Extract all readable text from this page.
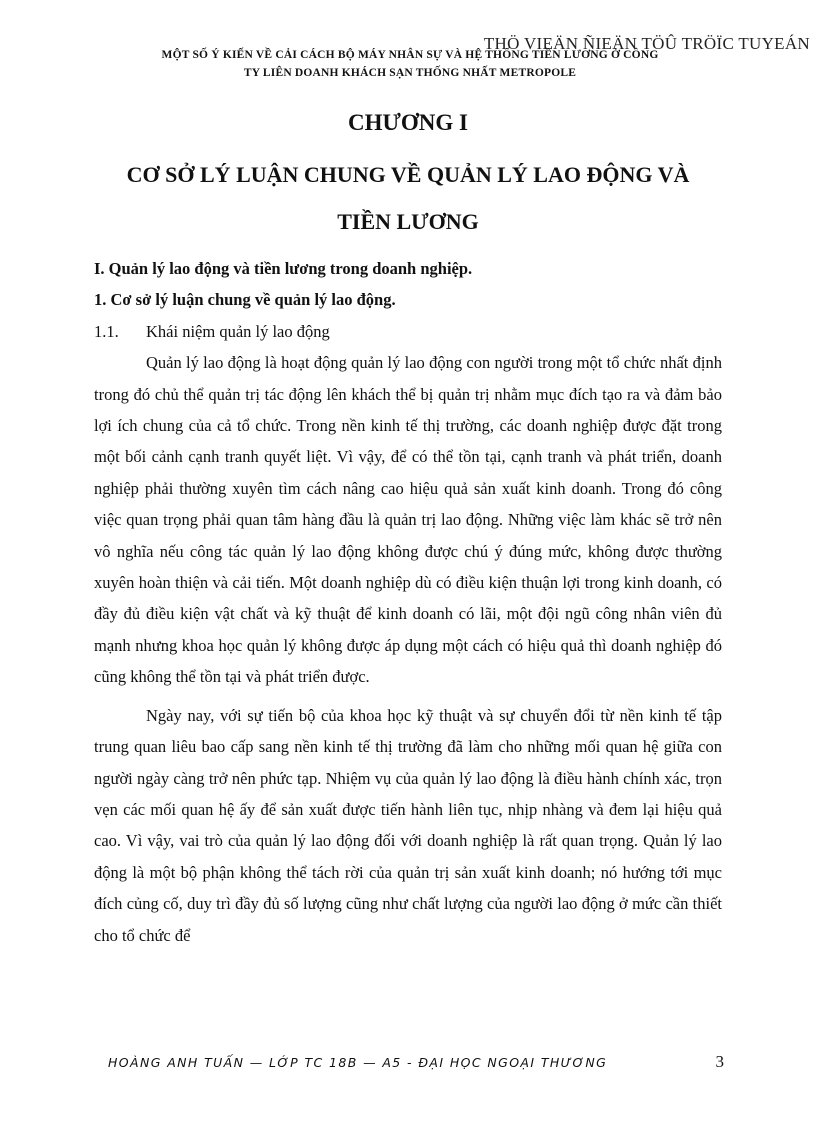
THÖ VIEÄN ÑIEÄN TÖÛ TRÖÏC TUYEÁN
MỘT SỐ Ý KIẾN VỀ CẢI CÁCH BỘ MÁY NHÂN SỰ VÀ HỆ THỐNG TIỀN LƯƠNG Ở CÔNG
TY LIÊN DOANH KHÁCH SẠN THỐNG NHẤT METROPOLE
CHƯƠNG I
CƠ SỞ LÝ LUẬN CHUNG VỀ QUẢN LÝ LAO ĐỘNG VÀ
TIỀN LƯƠNG
I. Quản lý lao động và tiền lương trong doanh nghiệp.
1. Cơ sở lý luận chung về quản lý lao động.
1.1.	Khái niệm quản lý lao động
Quản lý lao động là hoạt động quản lý lao động con người trong một tổ chức nhất định trong đó chủ thể quản trị tác động lên khách thể bị quản trị nhằm mục đích tạo ra và đảm bảo lợi ích chung của cả tổ chức. Trong nền kinh tế thị trường, các doanh nghiệp được đặt trong một bối cảnh cạnh tranh quyết liệt. Vì vậy, để có thể tồn tại, cạnh tranh và phát triển, doanh nghiệp phải thường xuyên tìm cách nâng cao hiệu quả sản xuất kinh doanh. Trong đó công việc quan trọng phải quan tâm hàng đầu là quản trị lao động. Những việc làm khác sẽ trở nên vô nghĩa nếu công tác quản lý lao động không được chú ý đúng mức, không được thường xuyên hoàn thiện và cải tiến. Một doanh nghiệp dù có điều kiện thuận lợi trong kinh doanh, có đầy đủ điều kiện vật chất và kỹ thuật để kinh doanh có lãi, một đội ngũ công nhân viên đủ mạnh nhưng khoa học quản lý không được áp dụng một cách có hiệu quả thì doanh nghiệp đó cũng không thể tồn tại và phát triển được.
Ngày nay, với sự tiến bộ của khoa học kỹ thuật và sự chuyển đổi từ nền kinh tế tập trung quan liêu bao cấp sang nền kinh tế thị trường đã làm cho những mối quan hệ giữa con người ngày càng trở nên phức tạp. Nhiệm vụ của quản lý lao động là điều hành chính xác, trọn vẹn các mối quan hệ ấy để sản xuất được tiến hành liên tục, nhịp nhàng và đem lại hiệu quả cao. Vì vậy, vai trò của quản lý lao động đối với doanh nghiệp là rất quan trọng. Quản lý lao động là một bộ phận không thể tách rời của quản trị sản xuất kinh doanh; nó hướng tới mục đích củng cố, duy trì đầy đủ số lượng cũng như chất lượng của người lao động ở mức cần thiết cho tổ chức để
HOÀNG ANH TUẤN — LỚP TC 18B — A5 - ĐẠI HỌC NGOẠI THƯƠNG	3
